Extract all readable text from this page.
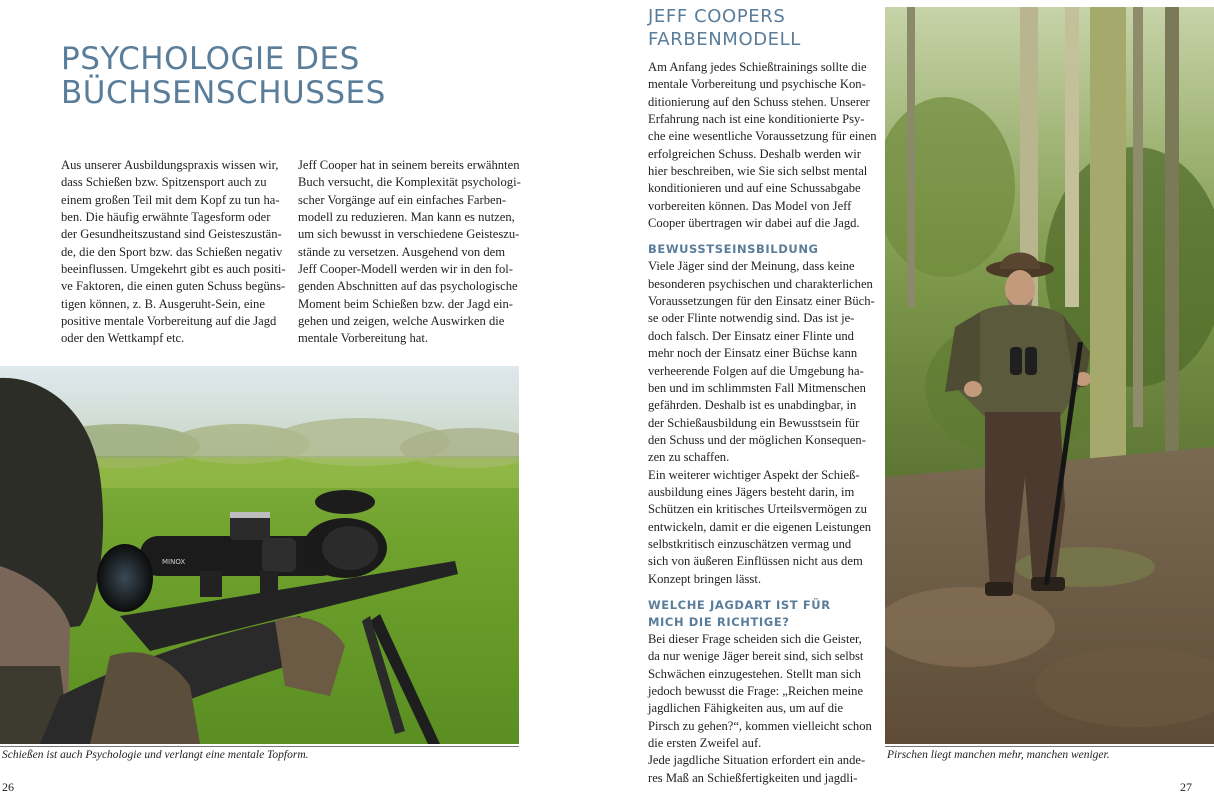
PSYCHOLOGIE DES
BÜCHSENSCHUSSES
Aus unserer Ausbildungspraxis wissen wir,
dass Schießen bzw. Spitzensport auch zu
einem großen Teil mit dem Kopf zu tun ha-
ben. Die häufig erwähnte Tagesform oder
der Gesundheitszustand sind Geisteszustän-
de, die den Sport bzw. das Schießen negativ
beeinflussen. Umgekehrt gibt es auch positi-
ve Faktoren, die einen guten Schuss begüns-
tigen können, z. B. Ausgeruht-Sein, eine
positive mentale Vorbereitung auf die Jagd
oder den Wettkampf etc.
Jeff Cooper hat in seinem bereits erwähnten
Buch versucht, die Komplexität psychologi-
scher Vorgänge auf ein einfaches Farben-
modell zu reduzieren. Man kann es nutzen,
um sich bewusst in verschiedene Geisteszu-
stände zu versetzen. Ausgehend von dem
Jeff Cooper-Modell werden wir in den fol-
genden Abschnitten auf das psychologische
Moment beim Schießen bzw. der Jagd ein-
gehen und zeigen, welche Auswirken die
mentale Vorbereitung hat.
MINOX
Schießen ist auch Psychologie und verlangt eine mentale Topform.
26
JEFF COOPERS
FARBENMODELL
Am Anfang jedes Schießtrainings sollte die
mentale Vorbereitung und psychische Kon-
ditionierung auf den Schuss stehen. Unserer
Erfahrung nach ist eine konditionierte Psy-
che eine wesentliche Voraussetzung für einen
erfolgreichen Schuss. Deshalb werden wir
hier beschreiben, wie Sie sich selbst mental
konditionieren und auf eine Schussabgabe
vorbereiten können. Das Model von Jeff
Cooper übertragen wir dabei auf die Jagd.
BEWUSSTSEINSBILDUNG
Viele Jäger sind der Meinung, dass keine
besonderen psychischen und charakterlichen
Voraussetzungen für den Einsatz einer Büch-
se oder Flinte notwendig sind. Das ist je-
doch falsch. Der Einsatz einer Flinte und
mehr noch der Einsatz einer Büchse kann
verheerende Folgen auf die Umgebung ha-
ben und im schlimmsten Fall Mitmenschen
gefährden. Deshalb ist es unabdingbar, in
der Schießausbildung ein Bewusstsein für
den Schuss und der möglichen Konsequen-
zen zu schaffen.
Ein weiterer wichtiger Aspekt der Schieß-
ausbildung eines Jägers besteht darin, im
Schützen ein kritisches Urteilsvermögen zu
entwickeln, damit er die eigenen Leistungen
selbstkritisch einzuschätzen vermag und
sich von äußeren Einflüssen nicht aus dem
Konzept bringen lässt.
WELCHE JAGDART IST FÜR
MICH DIE RICHTIGE?
Bei dieser Frage scheiden sich die Geister,
da nur wenige Jäger bereit sind, sich selbst
Schwächen einzugestehen. Stellt man sich
jedoch bewusst die Frage: „Reichen meine
jagdlichen Fähigkeiten aus, um auf die
Pirsch zu gehen?“, kommen vielleicht schon
die ersten Zweifel auf.
Jede jagdliche Situation erfordert ein ande-
res Maß an Schießfertigkeiten und jagdli-
Pirschen liegt manchen mehr, manchen weniger.
27
